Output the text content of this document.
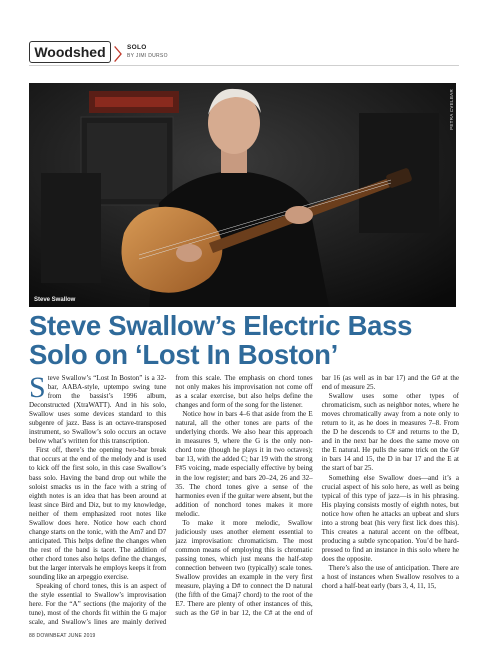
Woodshed 〉
SOLO
BY JIMI DURSO
Steve Swallow
PETRA CVELBAR
Steve Swallow’s Electric Bass Solo on ‘Lost In Boston’

Steve Swallow’s “Lost In Boston” is a 32-bar, AABA-style, uptempo swing tune from the bassist’s 1996 album, Deconstructed (XtraWATT). And in his solo, Swallow uses some devices standard to this subgenre of jazz. Bass is an octave-transposed instrument, so Swallow’s solo occurs an octave below what’s written for this transcription.

First off, there’s the opening two-bar break that occurs at the end of the melody and is used to kick off the first solo, in this case Swallow’s bass solo. Having the band drop out while the soloist smacks us in the face with a string of eighth notes is an idea that has been around at least since Bird and Diz, but to my knowledge, neither of them emphasized root notes like Swallow does here. Notice how each chord change starts on the tonic, with the Am7 and D7 anticipated. This helps define the changes when the rest of the band is tacet. The addition of other chord tones also helps define the changes, but the larger intervals he employs keeps it from sounding like an arpeggio exercise.

Speaking of chord tones, this is an aspect of the style essential to Swallow’s improvisation here. For the “A” sections (the majority of the tune), most of the chords fit within the G major scale, and Swallow’s lines are mainly derived from this scale. The emphasis on chord tones not only makes his improvisation not come off as a scalar exercise, but also helps define the changes and form of the song for the listener.

Notice how in bars 4–6 that aside from the E natural, all the other tones are parts of the underlying chords. We also hear this approach in measures 9, where the G is the only non-chord tone (though he plays it in two octaves); bar 13, with the added C; bar 19 with the strong F#5 voicing, made especially effective by being in the low register; and bars 20–24, 26 and 32–35. The chord tones give a sense of the harmonies even if the guitar were absent, but the addition of nonchord tones makes it more melodic.

To make it more melodic, Swallow judiciously uses another element essential to jazz improvisation: chromaticism. The most common means of employing this is chromatic passing tones, which just means the half-step connection between two (typically) scale tones. Swallow provides an example in the very first measure, playing a D# to connect the D natural (the fifth of the Gmaj7 chord) to the root of the E7. There are plenty of other instances of this, such as the G# in bar 12, the C# at the end of bar 16 (as well as in bar 17) and the G# at the end of measure 25.

Swallow uses some other types of chromaticism, such as neighbor notes, where he moves chromatically away from a note only to return to it, as he does in measures 7–8. From the D he descends to C# and returns to the D, and in the next bar he does the same move on the E natural. He pulls the same trick on the G# in bars 14 and 15, the D in bar 17 and the E at the start of bar 25.

Something else Swallow does—and it’s a crucial aspect of his solo here, as well as being typical of this type of jazz—is in his phrasing. His playing consists mostly of eighth notes, but notice how often he attacks an upbeat and slurs into a strong beat (his very first lick does this). This creates a natural accent on the offbeat, producing a subtle syncopation. You’d be hard-pressed to find an instance in this solo where he does the opposite.

There’s also the use of anticipation. There are a host of instances when Swallow resolves to a chord a half-beat early (bars 3, 4, 11, 15,

88 DOWNBEAT JUNE 2019
